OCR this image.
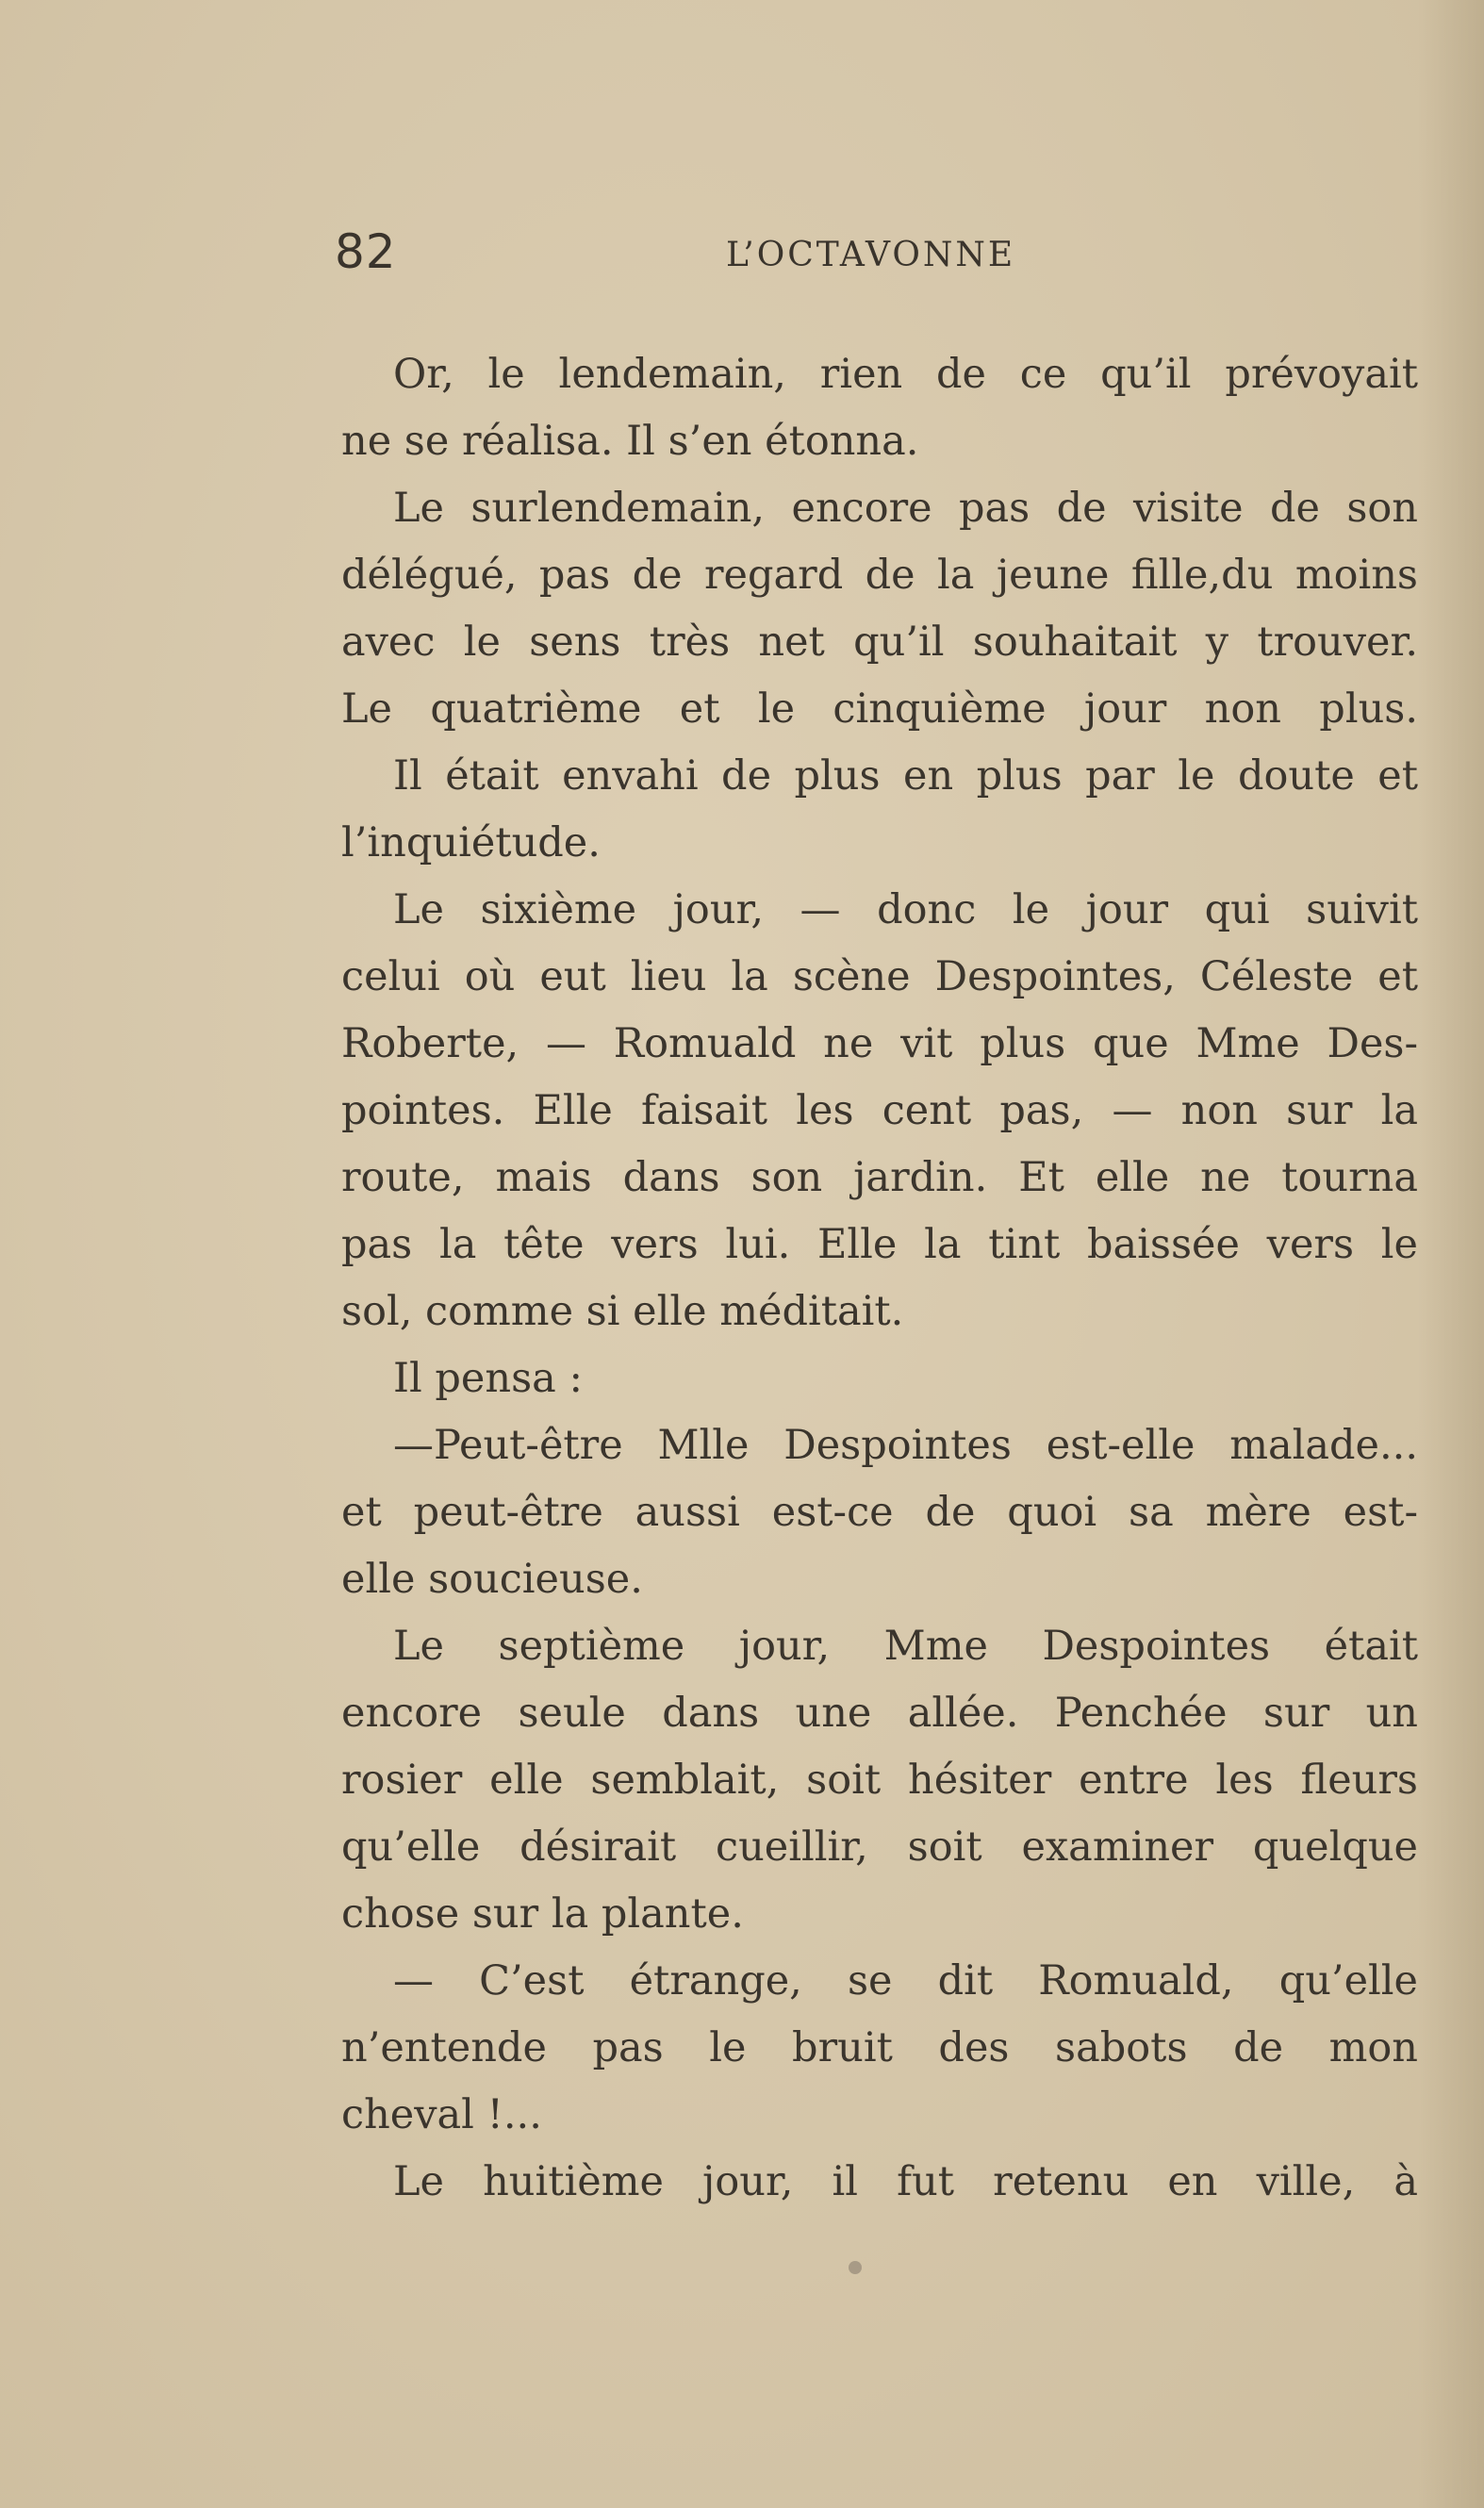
82	L’OCTAVONNE
Or, le lendemain, rien de ce qu’il prévoyait
ne se réalisa. Il s’en étonna.
Le surlendemain, encore pas de visite de son
délégué, pas de regard de la jeune fille,du moins
avec le sens très net qu’il souhaitait y trouver.
Le quatrième et le cinquième jour non plus.
Il était envahi de plus en plus par le doute et
l’inquiétude.
Le sixième jour, — donc le jour qui suivit
celui où eut lieu la scène Despointes, Céleste et
Roberte, — Romuald ne vit plus que Mme Des-
pointes. Elle faisait les cent pas, — non sur la
route, mais dans son jardin. Et elle ne tourna
pas la tête vers lui. Elle la tint baissée vers le
sol, comme si elle méditait.
Il pensa :
—Peut-être Mlle Despointes est-elle malade...
et peut-être aussi est-ce de quoi sa mère est-
elle soucieuse.
Le septième jour, Mme Despointes était
encore seule dans une allée. Penchée sur un
rosier elle semblait, soit hésiter entre les fleurs
qu’elle désirait cueillir, soit examiner quelque
chose sur la plante.
— C’est étrange, se dit Romuald, qu’elle
n’entende pas le bruit des sabots de mon
cheval !...
Le huitième jour, il fut retenu en ville, à
